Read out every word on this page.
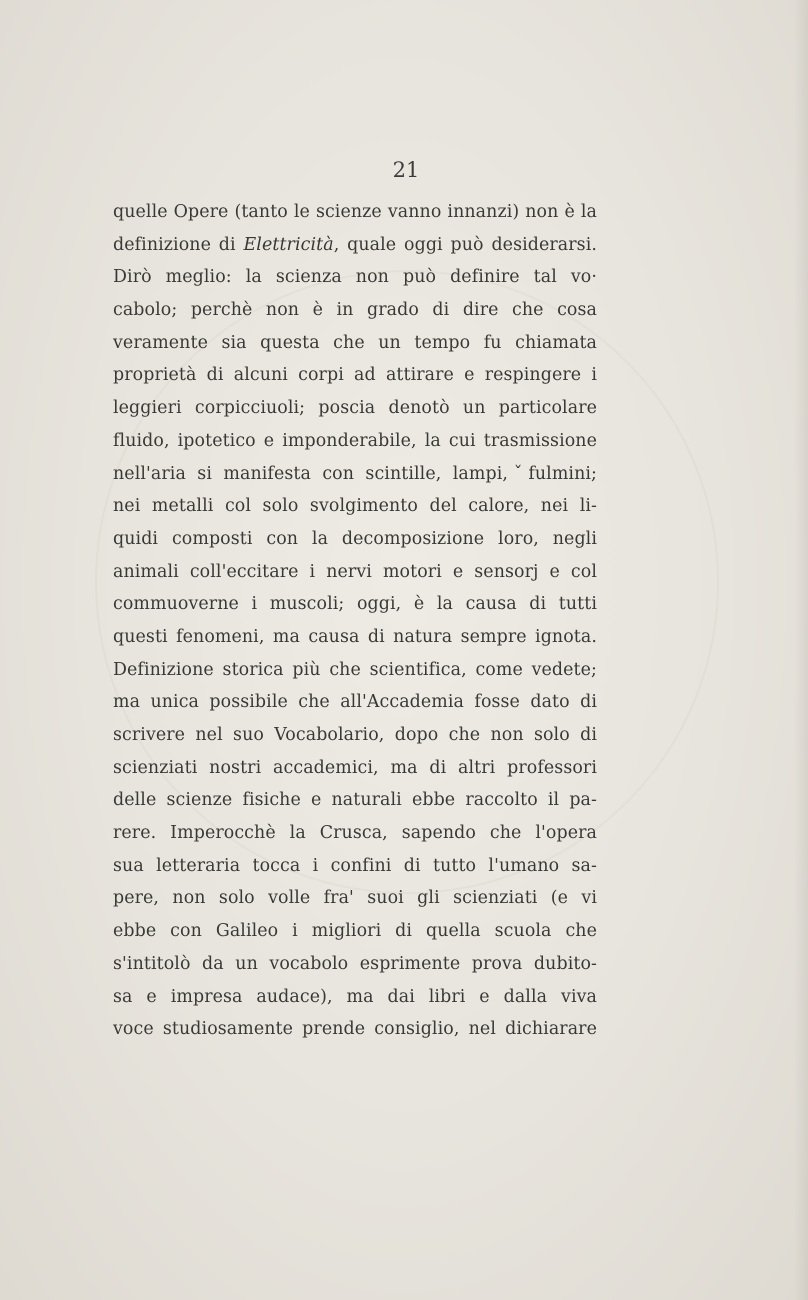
21

quelle Opere (tanto le scienze vanno innanzi) non è la
definizione di Elettricità, quale oggi può desiderarsi.
Dirò meglio: la scienza non può definire tal vo·
cabolo; perchè non è in grado di dire che cosa
veramente sia questa che un tempo fu chiamata
proprietà di alcuni corpi ad attirare e respingere i
leggieri corpicciuoli; poscia denotò un particolare
fluido, ipotetico e imponderabile, la cui trasmissione
nell'aria si manifesta con scintille, lampi,ˇfulmini;
nei metalli col solo svolgimento del calore, nei li-
quidi composti con la decomposizione loro, negli
animali coll'eccitare i nervi motori e sensorj e col
commuoverne i muscoli; oggi, è la causa di tutti
questi fenomeni, ma causa di natura sempre ignota.
Definizione storica più che scientifica, come vedete;
ma unica possibile che all'Accademia fosse dato di
scrivere nel suo Vocabolario, dopo che non solo di
scienziati nostri accademici, ma di altri professori
delle scienze fisiche e naturali ebbe raccolto il pa-
rere. Imperocchè la Crusca, sapendo che l'opera
sua letteraria tocca i confini di tutto l'umano sa-
pere, non solo volle fra' suoi gli scienziati (e vi
ebbe con Galileo i migliori di quella scuola che
s'intitolò da un vocabolo esprimente prova dubito-
sa e impresa audace), ma dai libri e dalla viva
voce studiosamente prende consiglio, nel dichiarare
